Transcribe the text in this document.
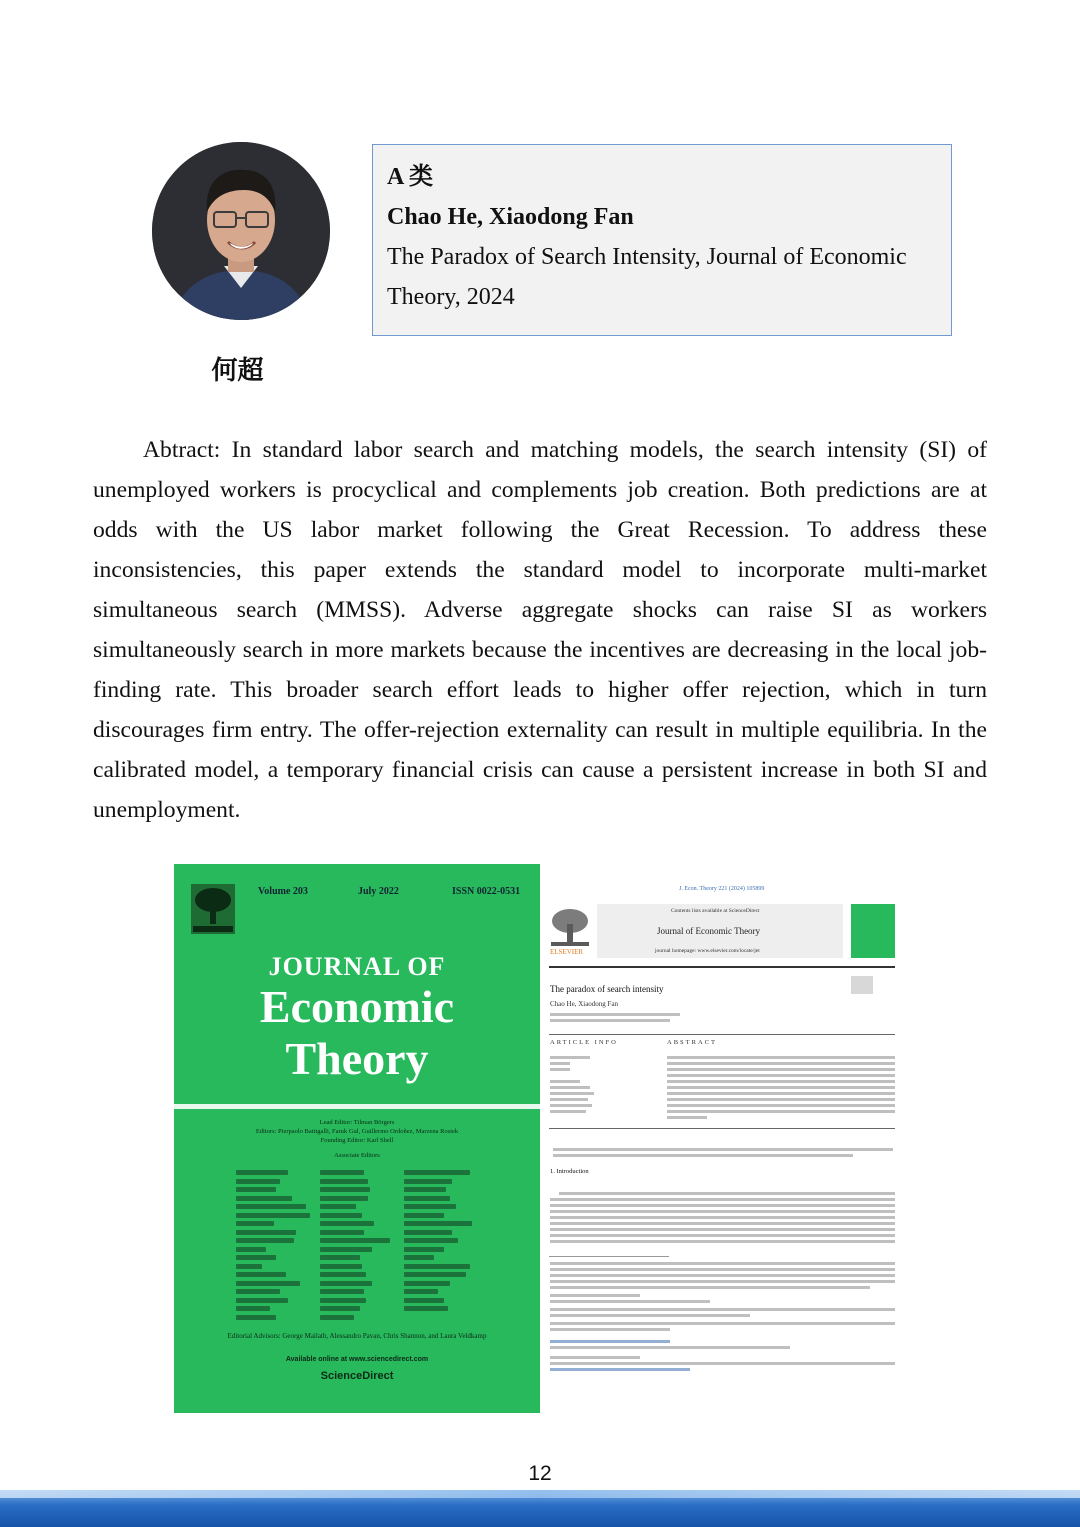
何超
A 类
Chao He, Xiaodong Fan
The Paradox of Search Intensity, Journal of Economic
Theory, 2024

Abtract: In standard labor search and matching models, the search intensity (SI) of unemployed workers is procyclical and complements job creation. Both predictions are at odds with the US labor market following the Great Recession. To address these inconsistencies, this paper extends the standard model to incorporate multi-market simultaneous search (MMSS). Adverse aggregate shocks can raise SI as workers simultaneously search in more markets because the incentives are decreasing in the local job-finding rate. This broader search effort leads to higher offer rejection, which in turn discourages firm entry. The offer-rejection externality can result in multiple equilibria. In the calibrated model, a temporary financial crisis can cause a persistent increase in both SI and unemployment.

Volume 203	July 2022	ISSN 0022-0531
JOURNAL OF
Economic
Theory
Lead Editor: Tilman Börgers
Editors: Pierpaolo Battigalli, Faruk Gul, Guillermo Ordoñez, Marzena Rostek
Founding Editor: Karl Shell
Associate Editors
Editorial Advisors: George Mailath, Alessandro Pavan, Chris Shannon, and Laura Veldkamp
Available online at www.sciencedirect.com
ScienceDirect
J. Econ. Theory 221 (2024) 105899
ELSEVIER
Contents lists available at ScienceDirect
Journal of Economic Theory
journal homepage: www.elsevier.com/locate/jet
The paradox of search intensity
Chao He, Xiaodong Fan
ARTICLE INFO	ABSTRACT
1. Introduction
12
